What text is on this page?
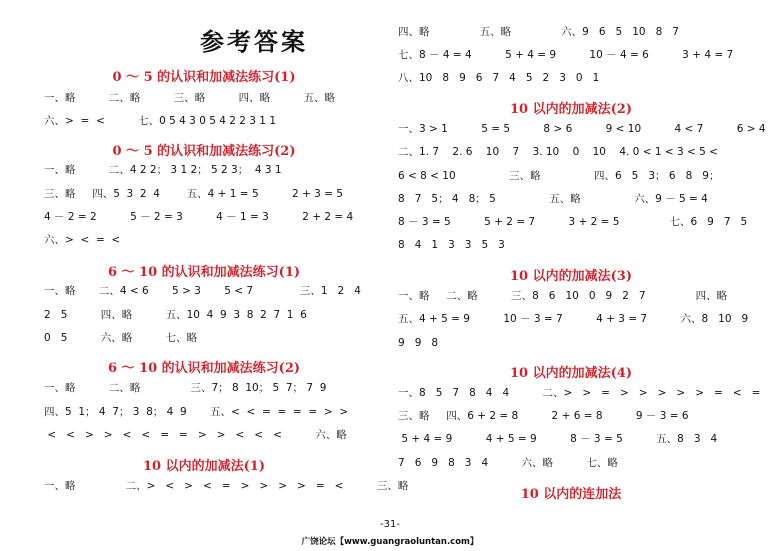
参考答案
0 ～ 5 的认识和加减法练习(1)
一、略          二、略          三、略          四、略          五、略
六、>  =  <          七、0 5 4 3 0 5 4 2 2 3 1 1
0 ～ 5 的认识和加减法练习(2)
一、略          二、4 2 2； 3 1 2； 5 2 3；  4 3 1
三、略     四、5  3  2  4        五、4 + 1 = 5          2 + 3 = 5
4 － 2 = 2          5 － 2 = 3          4 － 1 = 3          2 + 2 = 4
六、>  <  =  <
6 ～ 10 的认识和加减法练习(1)
一、略       二、4 < 6       5 > 3       5 < 7              三、1   2   4
2   5          四、略          五、10  4  9  3  8  2  7  1  6
0   5          六、略          七、略
6 ～ 10 的认识和加减法练习(2)
一、略          二、略               三、7； 8  10； 5  7； 7  9
四、5  1； 4  7； 3  8； 4  9       五、<  <  =  =  =  =  >  >
<   <   >   >   <   <   =   =   >   >   <   <   <          六、略
10 以内的加减法(1)
一、略               二、>   <   >   <   =   >   >   >   >   =   <          三、略
四、略               五、略               六、9   6   5   10   8   7
七、8 － 4 = 4          5 + 4 = 9          10 － 4 = 6          3 + 4 = 7
八、10   8   9   6   7   4   5   2   3   0   1
10 以内的加减法(2)
一、3 > 1          5 = 5          8 > 6          9 < 10          4 < 7          6 > 4
二、1. 7    2. 6    10    7    3. 10    0    10    4. 0 < 1 < 3 < 5 <
6 < 8 < 10                三、略                四、6   5   3； 6   8   9；
8   7   5； 4   8； 5                五、略                六、9 － 5 = 4
8 － 3 = 5          5 + 2 = 7          3 + 2 = 5               七、6   9   7   5
8   4   1   3   3   5   3
10 以内的加减法(3)
一、略     二、略          三、8   6   10   0   9   2   7               四、略
五、4 + 5 = 9          10 － 3 = 7          4 + 3 = 7          六、8   10   9
9   9   8
10 以内的加减法(4)
一、8   5   7   8   4   4          二、>   >   =   >   >   >   >   >   =   <   =
三、略     四、6 + 2 = 8          2 + 6 = 8          9 － 3 = 6
5 + 4 = 9          4 + 5 = 9          8 － 3 = 5          五、8   3   4
7   6   9   8   3   4          六、略          七、略
10 以内的连加法
-31-
广饶论坛【www.guangraoluntan.com】
